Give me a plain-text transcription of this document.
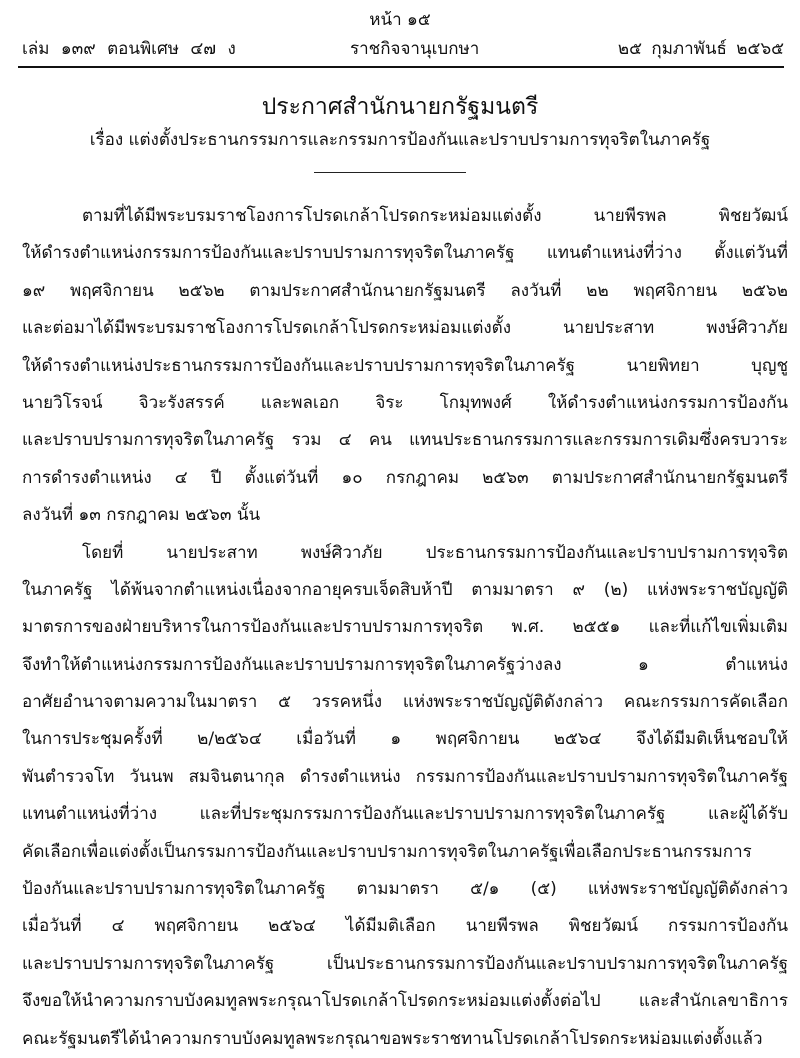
หน้า ๑๕
เล่ม ๑๓๙ ตอนพิเศษ ๔๗ ง	ราชกิจจานุเบกษา	๒๕ กุมภาพันธ์ ๒๕๖๕
ประกาศสำนักนายกรัฐมนตรี
เรื่อง แต่งตั้งประธานกรรมการและกรรมการป้องกันและปราบปรามการทุจริตในภาครัฐ
ตามที่ได้มีพระบรมราชโองการโปรดเกล้าโปรดกระหม่อมแต่งตั้ง นายพีรพล พิชยวัฒน์
ให้ดำรงตำแหน่งกรรมการป้องกันและปราบปรามการทุจริตในภาครัฐ แทนตำแหน่งที่ว่าง ตั้งแต่วันที่
๑๙ พฤศจิกายน ๒๕๖๒ ตามประกาศสำนักนายกรัฐมนตรี ลงวันที่ ๒๒ พฤศจิกายน ๒๕๖๒
และต่อมาได้มีพระบรมราชโองการโปรดเกล้าโปรดกระหม่อมแต่งตั้ง นายประสาท พงษ์ศิวาภัย
ให้ดำรงตำแหน่งประธานกรรมการป้องกันและปราบปรามการทุจริตในภาครัฐ นายพิทยา บุญชู
นายวิโรจน์ จิวะรังสรรค์ และพลเอก จิระ โกมุทพงศ์ ให้ดำรงตำแหน่งกรรมการป้องกัน
และปราบปรามการทุจริตในภาครัฐ รวม ๔ คน แทนประธานกรรมการและกรรมการเดิมซึ่งครบวาระ
การดำรงตำแหน่ง ๔ ปี ตั้งแต่วันที่ ๑๐ กรกฎาคม ๒๕๖๓ ตามประกาศสำนักนายกรัฐมนตรี
ลงวันที่ ๑๓ กรกฎาคม ๒๕๖๓ นั้น
โดยที่ นายประสาท พงษ์ศิวาภัย ประธานกรรมการป้องกันและปราบปรามการทุจริต
ในภาครัฐ ได้พ้นจากตำแหน่งเนื่องจากอายุครบเจ็ดสิบห้าปี ตามมาตรา ๙ (๒) แห่งพระราชบัญญัติ
มาตรการของฝ่ายบริหารในการป้องกันและปราบปรามการทุจริต พ.ศ. ๒๕๕๑ และที่แก้ไขเพิ่มเติม
จึงทำให้ตำแหน่งกรรมการป้องกันและปราบปรามการทุจริตในภาครัฐว่างลง ๑ ตำแหน่ง
อาศัยอำนาจตามความในมาตรา ๕ วรรคหนึ่ง แห่งพระราชบัญญัติดังกล่าว คณะกรรมการคัดเลือก
ในการประชุมครั้งที่ ๒/๒๕๖๔ เมื่อวันที่ ๑ พฤศจิกายน ๒๕๖๔ จึงได้มีมติเห็นชอบให้
พันตำรวจโท วันนพ สมจินตนากุล ดำรงตำแหน่ง กรรมการป้องกันและปราบปรามการทุจริตในภาครัฐ
แทนตำแหน่งที่ว่าง และที่ประชุมกรรมการป้องกันและปราบปรามการทุจริตในภาครัฐ และผู้ได้รับ
คัดเลือกเพื่อแต่งตั้งเป็นกรรมการป้องกันและปราบปรามการทุจริตในภาครัฐเพื่อเลือกประธานกรรมการ
ป้องกันและปราบปรามการทุจริตในภาครัฐ ตามมาตรา ๕/๑ (๕) แห่งพระราชบัญญัติดังกล่าว
เมื่อวันที่ ๔ พฤศจิกายน ๒๕๖๔ ได้มีมติเลือก นายพีรพล พิชยวัฒน์ กรรมการป้องกัน
และปราบปรามการทุจริตในภาครัฐ เป็นประธานกรรมการป้องกันและปราบปรามการทุจริตในภาครัฐ
จึงขอให้นำความกราบบังคมทูลพระกรุณาโปรดเกล้าโปรดกระหม่อมแต่งตั้งต่อไป และสำนักเลขาธิการ
คณะรัฐมนตรีได้นำความกราบบังคมทูลพระกรุณาขอพระราชทานโปรดเกล้าโปรดกระหม่อมแต่งตั้งแล้ว
